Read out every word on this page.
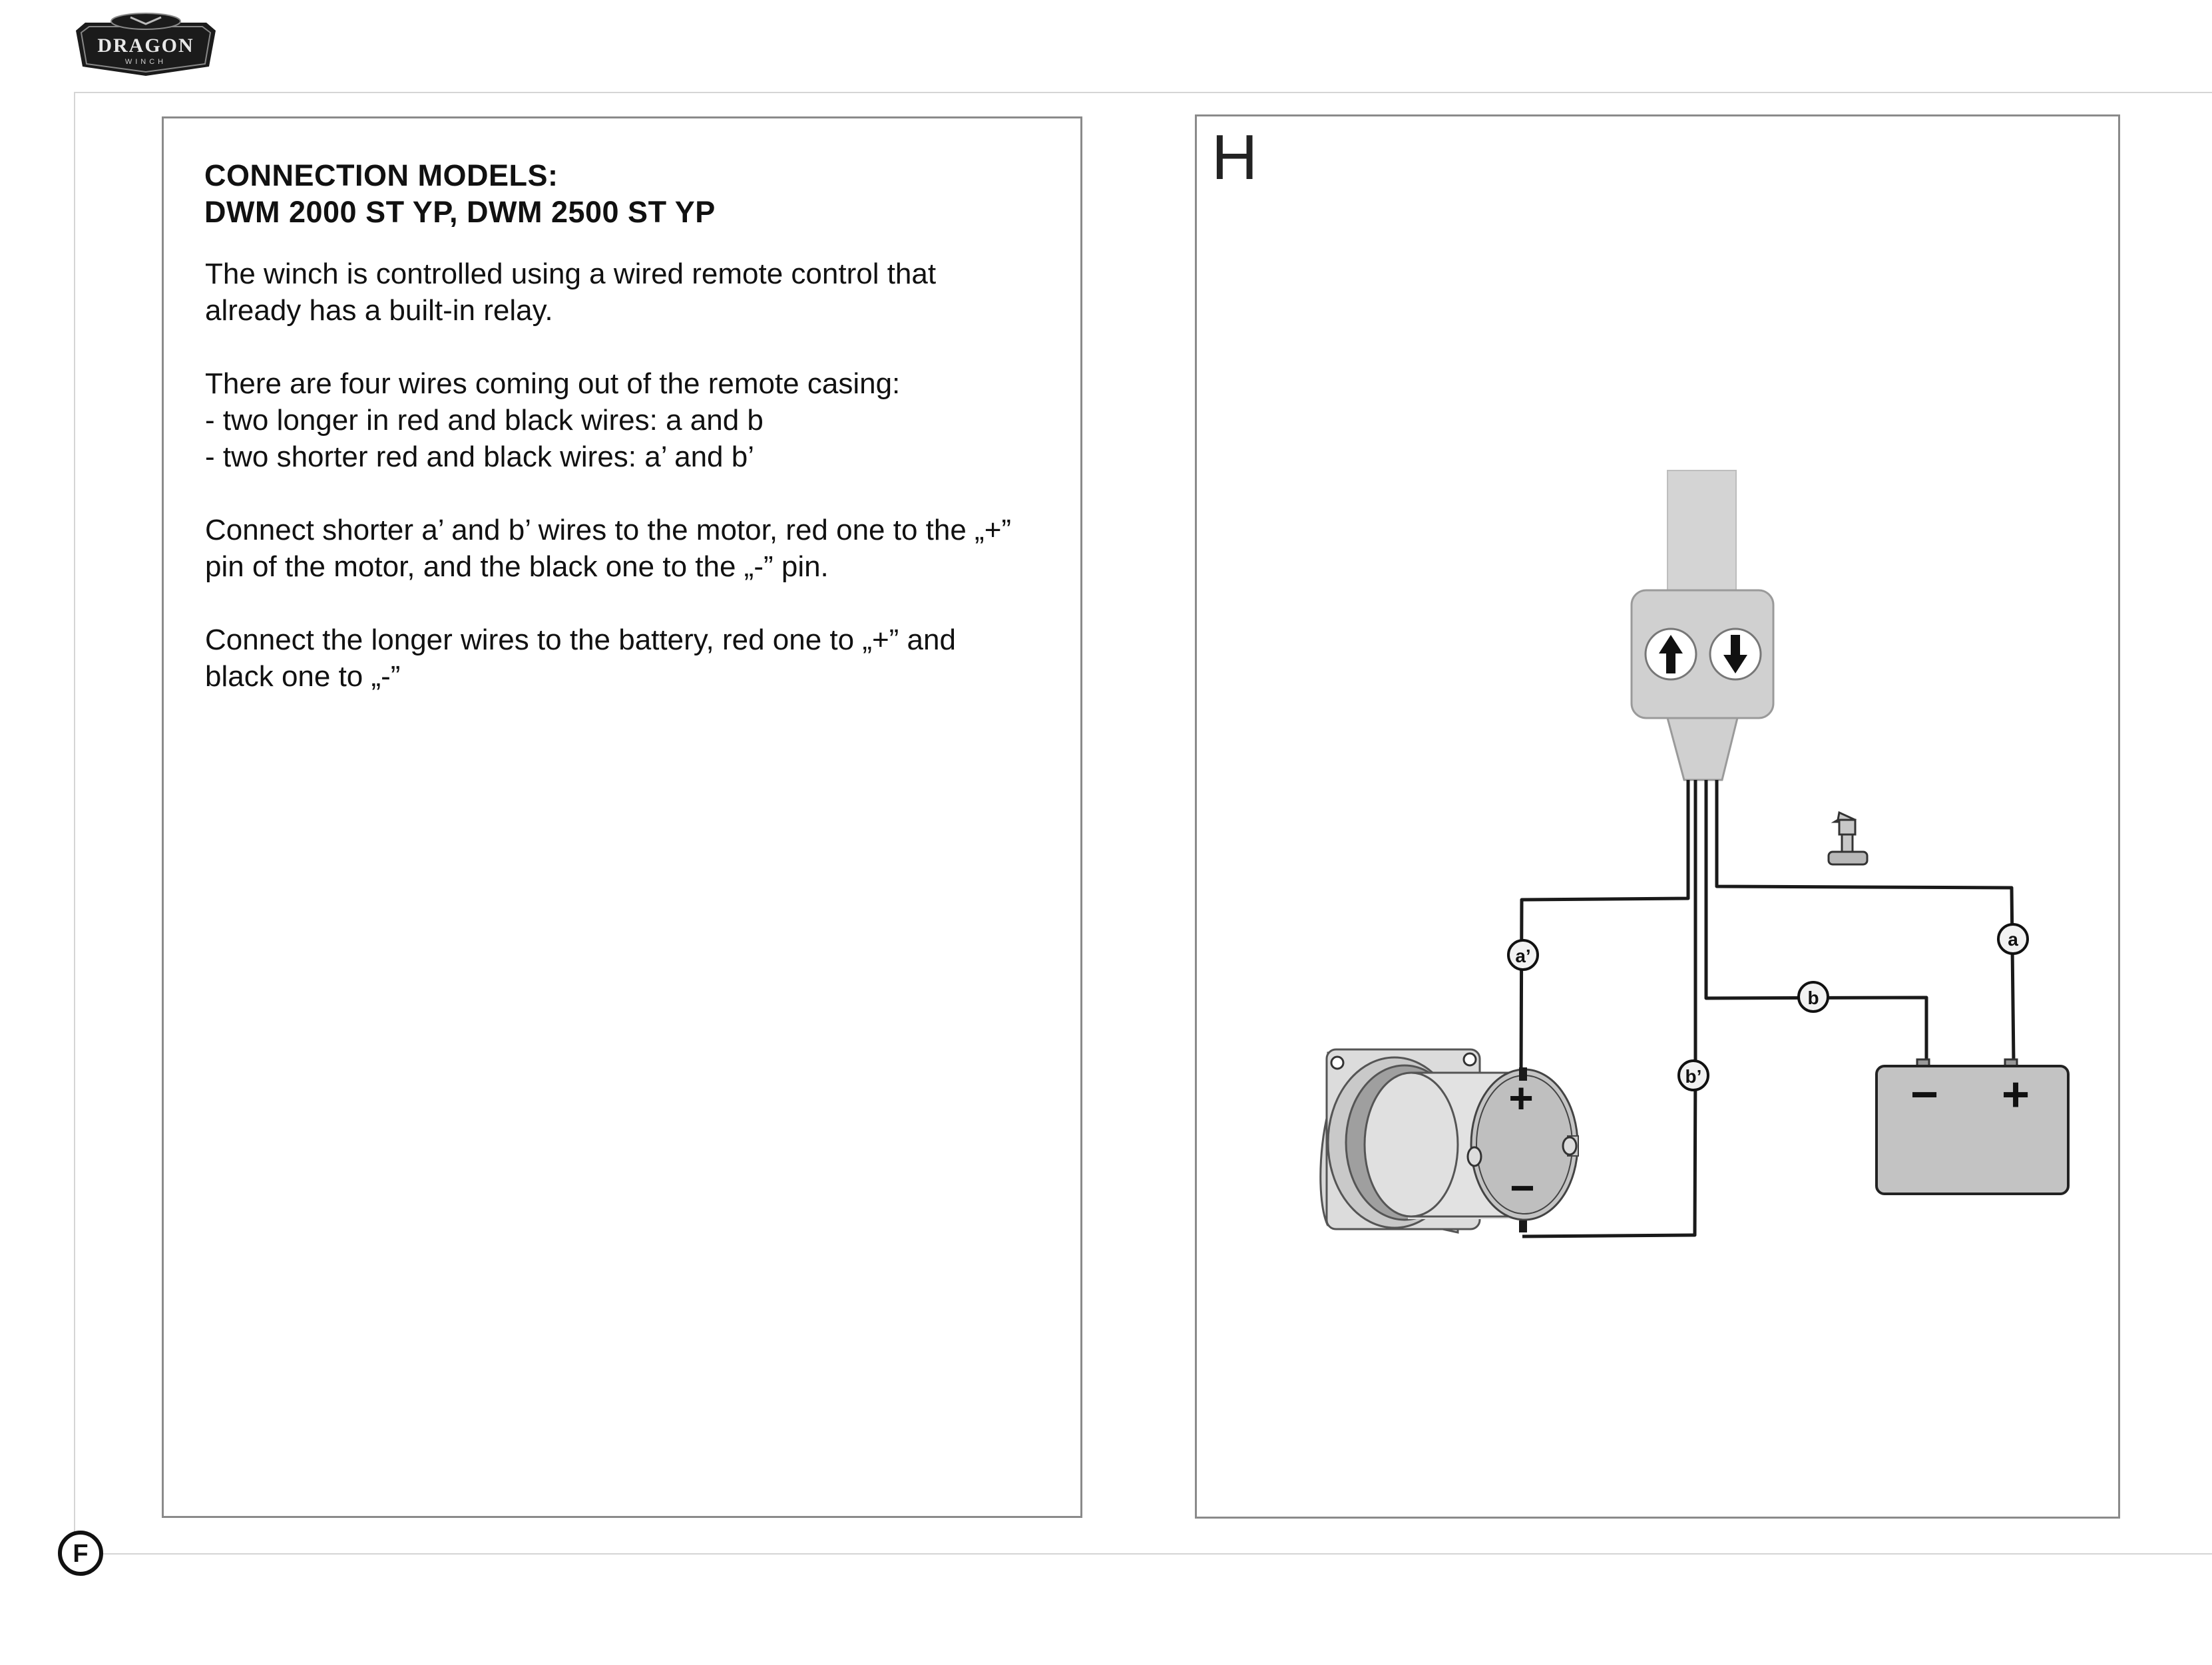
DRAGON
WINCH
CONNECTION MODELS:
DWM 2000 ST YP, DWM 2500 ST YP

The winch is controlled using a wired remote control that
already has a built-in relay.

There are four wires coming out of the remote casing:
- two longer in red and black wires: a and b
- two shorter red and black wires: a’ and b’

Connect shorter a’ and b’ wires to the motor, red one to the „+”
pin of the motor, and the black one to the „-” pin.

Connect the longer wires to the battery, red one to „+” and
black one to „-”

H
a’
b’
b
a
+
−
− +
F
